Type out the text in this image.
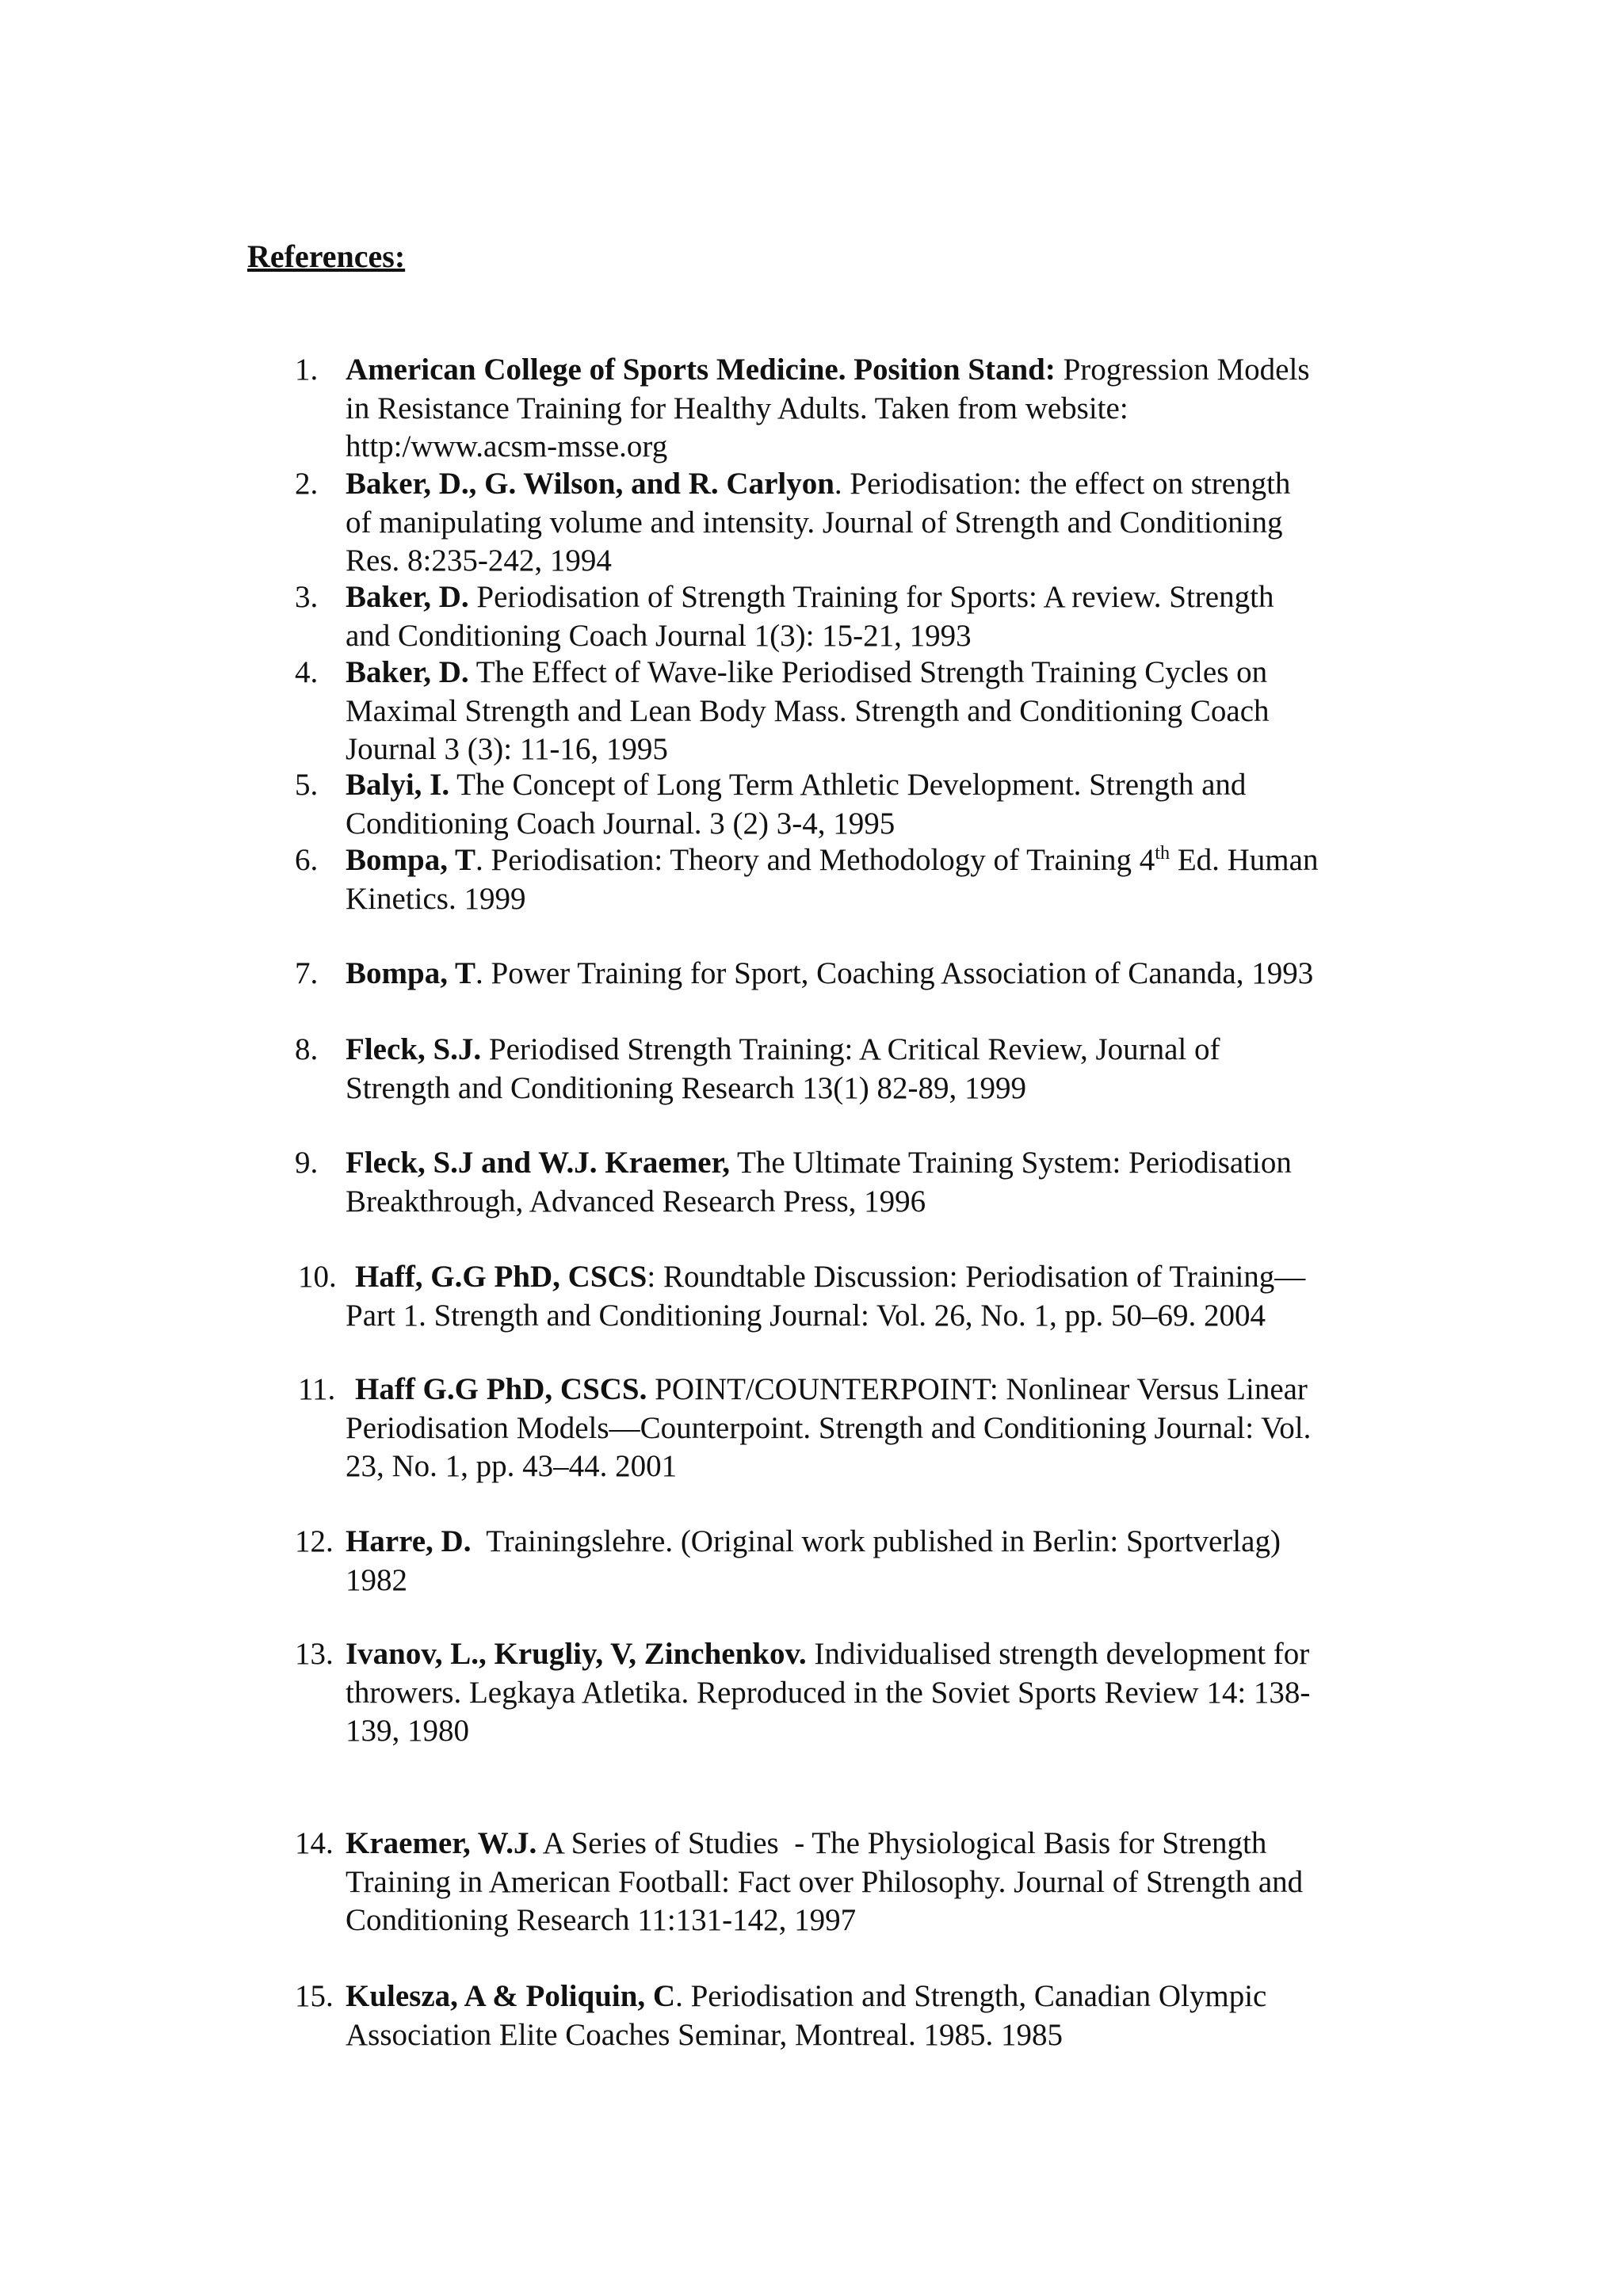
References:
1. American College of Sports Medicine. Position Stand: Progression Models
in Resistance Training for Healthy Adults. Taken from website:
http:/www.acsm-msse.org
2. Baker, D., G. Wilson, and R. Carlyon. Periodisation: the effect on strength
of manipulating volume and intensity. Journal of Strength and Conditioning
Res. 8:235-242, 1994
3. Baker, D. Periodisation of Strength Training for Sports: A review. Strength
and Conditioning Coach Journal 1(3): 15-21, 1993
4. Baker, D. The Effect of Wave-like Periodised Strength Training Cycles on
Maximal Strength and Lean Body Mass. Strength and Conditioning Coach
Journal 3 (3): 11-16, 1995
5. Balyi, I. The Concept of Long Term Athletic Development. Strength and
Conditioning Coach Journal. 3 (2) 3-4, 1995
6. Bompa, T. Periodisation: Theory and Methodology of Training 4th Ed. Human
Kinetics. 1999
7. Bompa, T. Power Training for Sport, Coaching Association of Cananda, 1993
8. Fleck, S.J. Periodised Strength Training: A Critical Review, Journal of
Strength and Conditioning Research 13(1) 82-89, 1999
9. Fleck, S.J and W.J. Kraemer, The Ultimate Training System: Periodisation
Breakthrough, Advanced Research Press, 1996
10. Haff, G.G PhD, CSCS: Roundtable Discussion: Periodisation of Training—
Part 1. Strength and Conditioning Journal: Vol. 26, No. 1, pp. 50–69. 2004
11. Haff G.G PhD, CSCS. POINT/COUNTERPOINT: Nonlinear Versus Linear
Periodisation Models—Counterpoint. Strength and Conditioning Journal: Vol.
23, No. 1, pp. 43–44. 2001
12. Harre, D.  Trainingslehre. (Original work published in Berlin: Sportverlag)
1982
13. Ivanov, L., Krugliy, V, Zinchenkov. Individualised strength development for
throwers. Legkaya Atletika. Reproduced in the Soviet Sports Review 14: 138-
139, 1980
14. Kraemer, W.J. A Series of Studies  - The Physiological Basis for Strength
Training in American Football: Fact over Philosophy. Journal of Strength and
Conditioning Research 11:131-142, 1997
15. Kulesza, A & Poliquin, C. Periodisation and Strength, Canadian Olympic
Association Elite Coaches Seminar, Montreal. 1985. 1985
